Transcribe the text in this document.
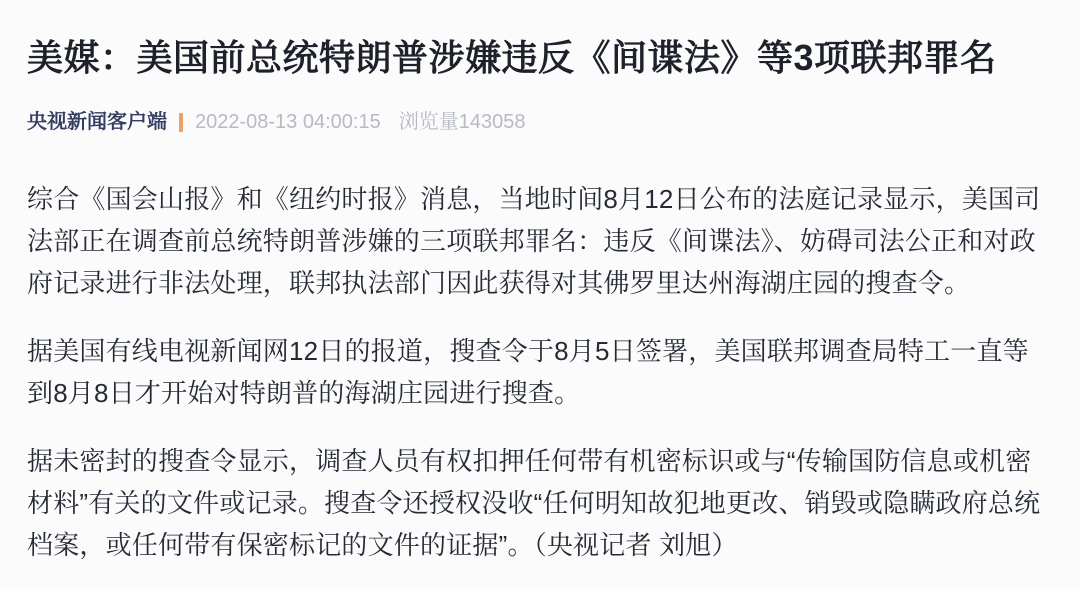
美媒：美国前总统特朗普涉嫌违反《间谍法》等3项联邦罪名
央视新闻客户端 2022-08-13 04:00:15 浏览量143058

综合《国会山报》和《纽约时报》消息，当地时间8月12日公布的法庭记录显示，美国司法部正在调查前总统特朗普涉嫌的三项联邦罪名：违反《间谍法》、妨碍司法公正和对政府记录进行非法处理，联邦执法部门因此获得对其佛罗里达州海湖庄园的搜查令。

据美国有线电视新闻网12日的报道，搜查令于8月5日签署，美国联邦调查局特工一直等到8月8日才开始对特朗普的海湖庄园进行搜查。

据未密封的搜查令显示，调查人员有权扣押任何带有机密标识或与“传输国防信息或机密材料”有关的文件或记录。搜查令还授权没收“任何明知故犯地更改、销毁或隐瞒政府总统档案，或任何带有保密标记的文件的证据”。（央视记者 刘旭）
